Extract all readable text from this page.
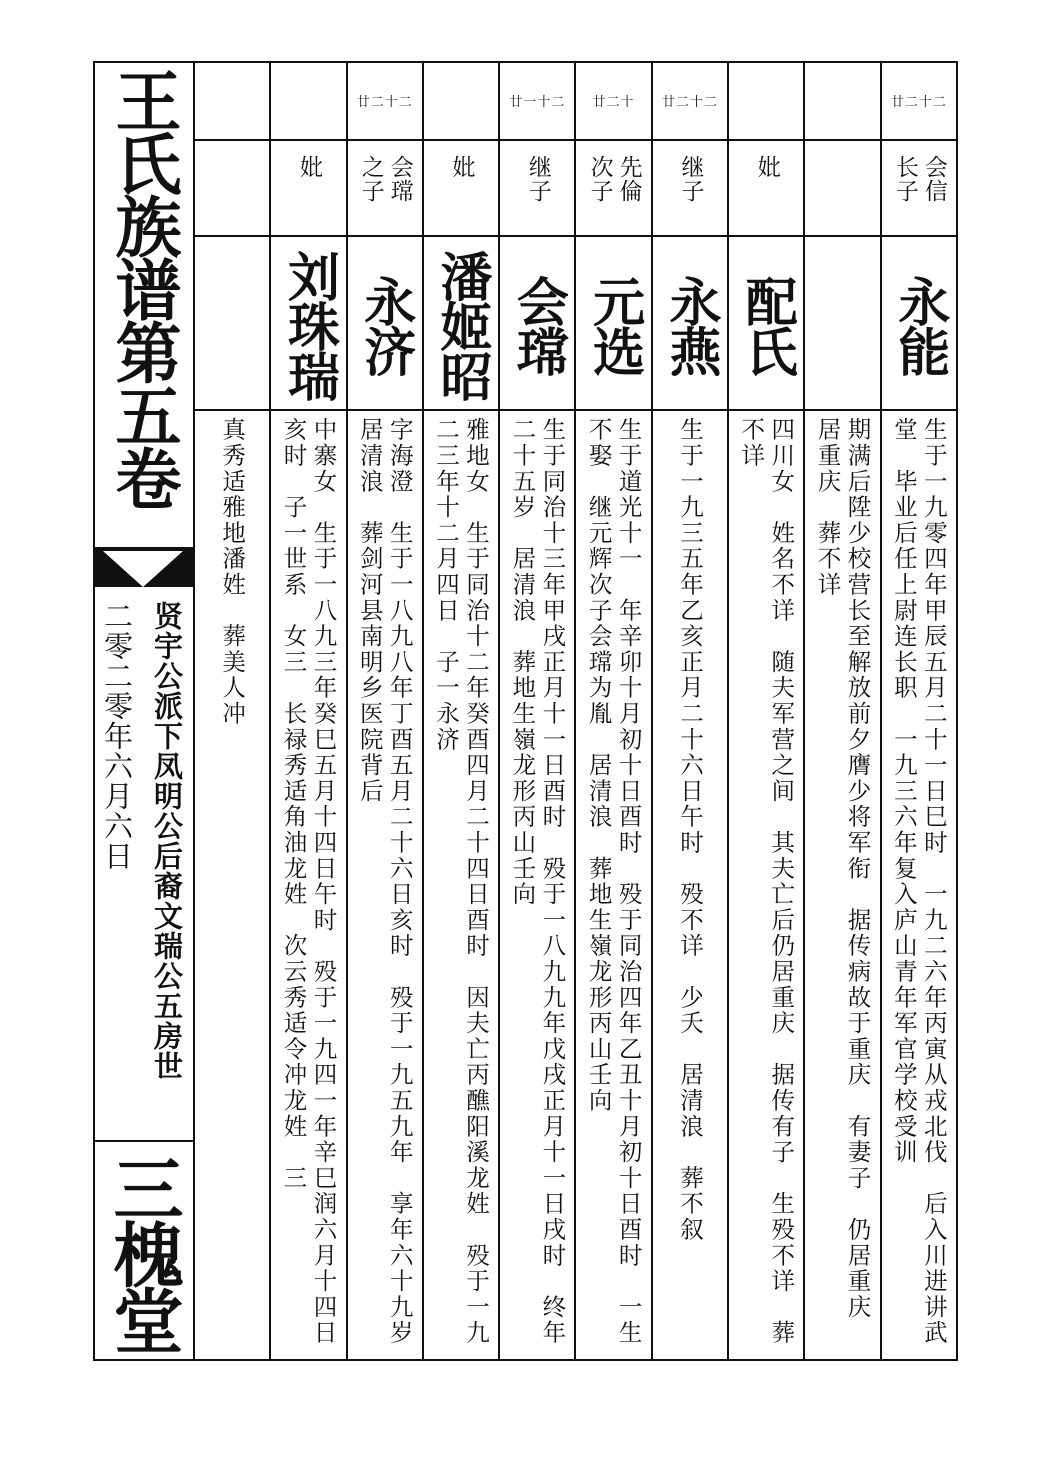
王氏族谱第五卷
贤宇公派下凤明公后裔文瑞公五房世
二零二零年六月六日
三槐堂
廿二十二
会信长子
永能
生于一九零四年甲辰五月二十一日巳时　一九二六年丙寅从戎北伐　后入川进讲武堂　毕业后任上尉连长职　一九三六年复入庐山青年军官学校受训
期满后陞少校营长至解放前夕膺少将军衔　据传病故于重庆　有妻子　仍居重庆　居重庆　葬不详
妣
配氏
四川女　姓名不详　随夫军营之间　其夫亡后仍居重庆　据传有子　生殁不详　葬不详
廿二十二
继子
永燕
生于一九三五年乙亥正月二十六日午时　殁不详　少夭　居清浪　葬不叙
廿二十
先倫次子
元选
生于道光十一　年辛卯十月初十日酉时　殁于同治四年乙丑十月初十日酉时　一生不娶　继元辉次子会瑺为胤　居清浪　葬地生嶺龙形丙山壬向
廿一十二
继子
会瑺
生于同治十三年甲戌正月十一日酉时　殁于一八九九年戊戌正月十一日戌时　终年二十五岁　居清浪　葬地生嶺龙形丙山壬向
妣
潘姬昭
雅地女　生于同治十二年癸酉四月二十四日酉时　因夫亡丙醮阳溪龙姓　殁于一九二三年十二月四日　子一永济
廿二十二
会瑺之子
永济
字海澄　生于一八九八年丁酉五月二十六日亥时　殁于一九五九年　享年六十九岁　居清浪　葬剑河县南明乡医院背后
妣
刘珠瑞
中寨女　生于一八九三年癸巳五月十四日午时　殁于一九四一年辛巳润六月十四日亥时　子一世系　女三　长禄秀适角油龙姓　次云秀适令冲龙姓　三
真秀适雅地潘姓　葬美人冲
